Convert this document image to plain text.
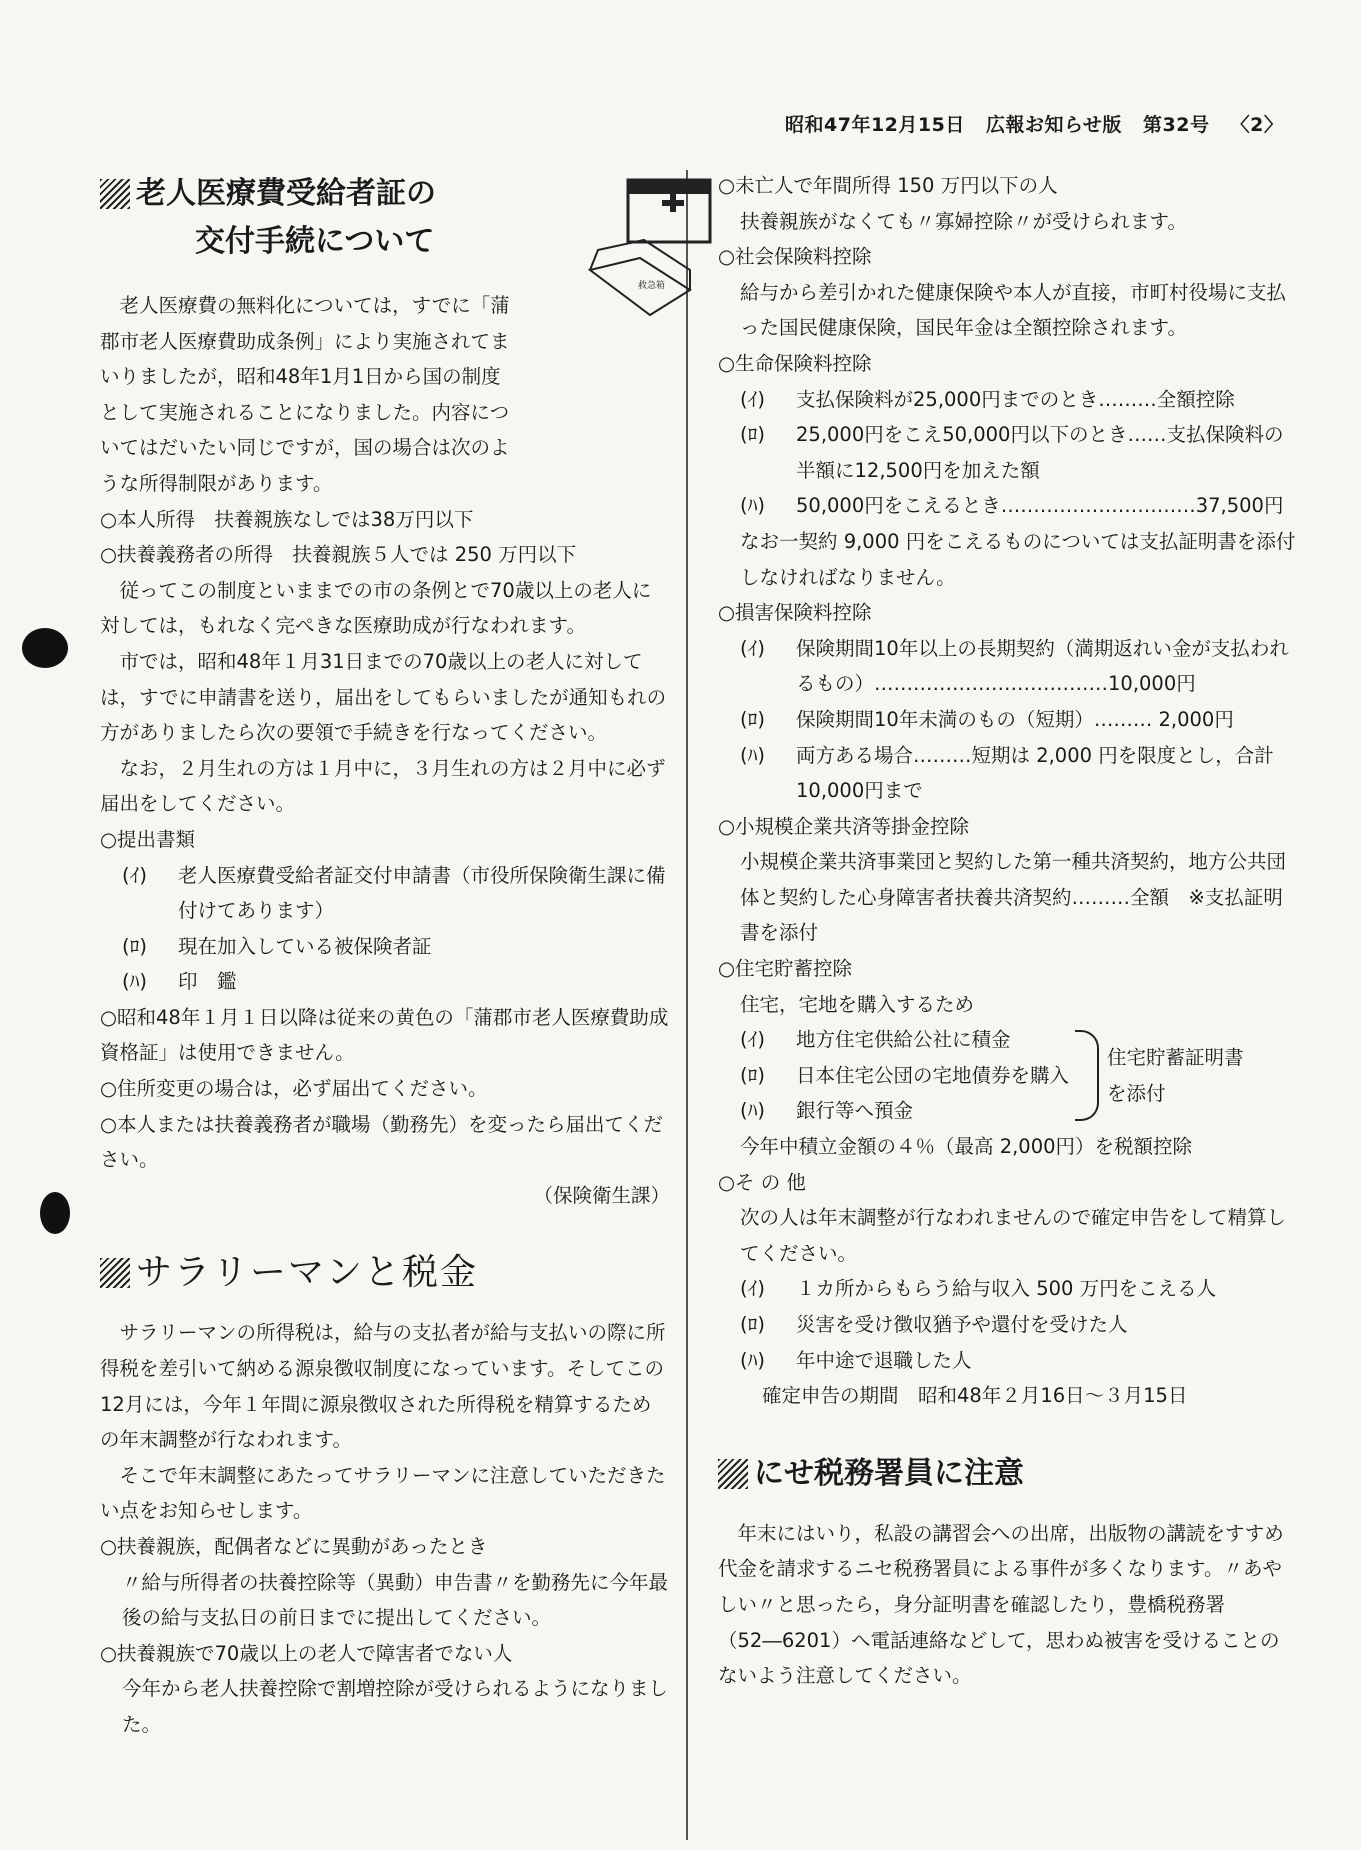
昭和47年12月15日 広報お知らせ版 第32号 〈2〉
救急箱
老人医療費受給者証の
交付手続について

老人医療費の無料化については，すでに「蒲郡市老人医療費助成条例」により実施されてまいりましたが，昭和48年1月1日から国の制度として実施されることになりました。内容についてはだいたい同じですが，国の場合は次のような所得制限があります。

○本人所得　扶養親族なしでは38万円以下

○扶養義務者の所得　扶養親族５人では 250 万円以下

従ってこの制度といままでの市の条例とで70歳以上の老人に対しては，もれなく完ぺきな医療助成が行なわれます。

市では，昭和48年１月31日までの70歳以上の老人に対しては，すでに申請書を送り，届出をしてもらいましたが通知もれの方がありましたら次の要領で手続きを行なってください。

なお，２月生れの方は１月中に，３月生れの方は２月中に必ず届出をしてください。

○提出書類

(ｲ)	老人医療費受給者証交付申請書（市役所保険衛生課に備付けてあります）
(ﾛ)	現在加入している被保険者証
(ﾊ)	印　鑑

○昭和48年１月１日以降は従来の黄色の「蒲郡市老人医療費助成資格証」は使用できません。

○住所変更の場合は，必ず届出てください。

○本人または扶養義務者が職場（勤務先）を変ったら届出てください。

（保険衛生課）

サラリーマンと税金

サラリーマンの所得税は，給与の支払者が給与支払いの際に所得税を差引いて納める源泉徴収制度になっています。そしてこの12月には，今年１年間に源泉徴収された所得税を精算するための年末調整が行なわれます。

そこで年末調整にあたってサラリーマンに注意していただきたい点をお知らせします。

○扶養親族，配偶者などに異動があったとき

〃給与所得者の扶養控除等（異動）申告書〃を勤務先に今年最後の給与支払日の前日までに提出してください。

○扶養親族で70歳以上の老人で障害者でない人

今年から老人扶養控除で割増控除が受けられるようになりました。

○未亡人で年間所得 150 万円以下の人

扶養親族がなくても〃寡婦控除〃が受けられます。

○社会保険料控除

給与から差引かれた健康保険や本人が直接，市町村役場に支払った国民健康保険，国民年金は全額控除されます。

○生命保険料控除

(ｲ)	支払保険料が25,000円までのとき………全額控除
(ﾛ)	25,000円をこえ50,000円以下のとき……支払保険料の半額に12,500円を加えた額
(ﾊ)	50,000円をこえるとき…………………………37,500円

なお一契約 9,000 円をこえるものについては支払証明書を添付しなければなりません。

○損害保険料控除

(ｲ)	保険期間10年以上の長期契約（満期返れい金が支払われるもの）………………………………10,000円
(ﾛ)	保険期間10年未満のもの（短期）……… 2,000円
(ﾊ)	両方ある場合………短期は 2,000 円を限度とし，合計10,000円まで

○小規模企業共済等掛金控除

小規模企業共済事業団と契約した第一種共済契約，地方公共団体と契約した心身障害者扶養共済契約………全額　※支払証明書を添付

○住宅貯蓄控除

住宅，宅地を購入するため

(ｲ)	地方住宅供給公社に積金
(ﾛ)	日本住宅公団の宅地債券を購入
(ﾊ)	銀行等へ預金
住宅貯蓄証明書を添付

今年中積立金額の４％（最高 2,000円）を税額控除

○そ の 他

次の人は年末調整が行なわれませんので確定申告をして精算してください。

(ｲ)	１カ所からもらう給与収入 500 万円をこえる人
(ﾛ)	災害を受け徴収猶予や還付を受けた人
(ﾊ)	年中途で退職した人

確定申告の期間　昭和48年２月16日～３月15日

にせ税務署員に注意

年末にはいり，私設の講習会への出席，出版物の講読をすすめ代金を請求するニセ税務署員による事件が多くなります。〃あやしい〃と思ったら，身分証明書を確認したり，豊橋税務署（52―6201）へ電話連絡などして，思わぬ被害を受けることのないよう注意してください。
